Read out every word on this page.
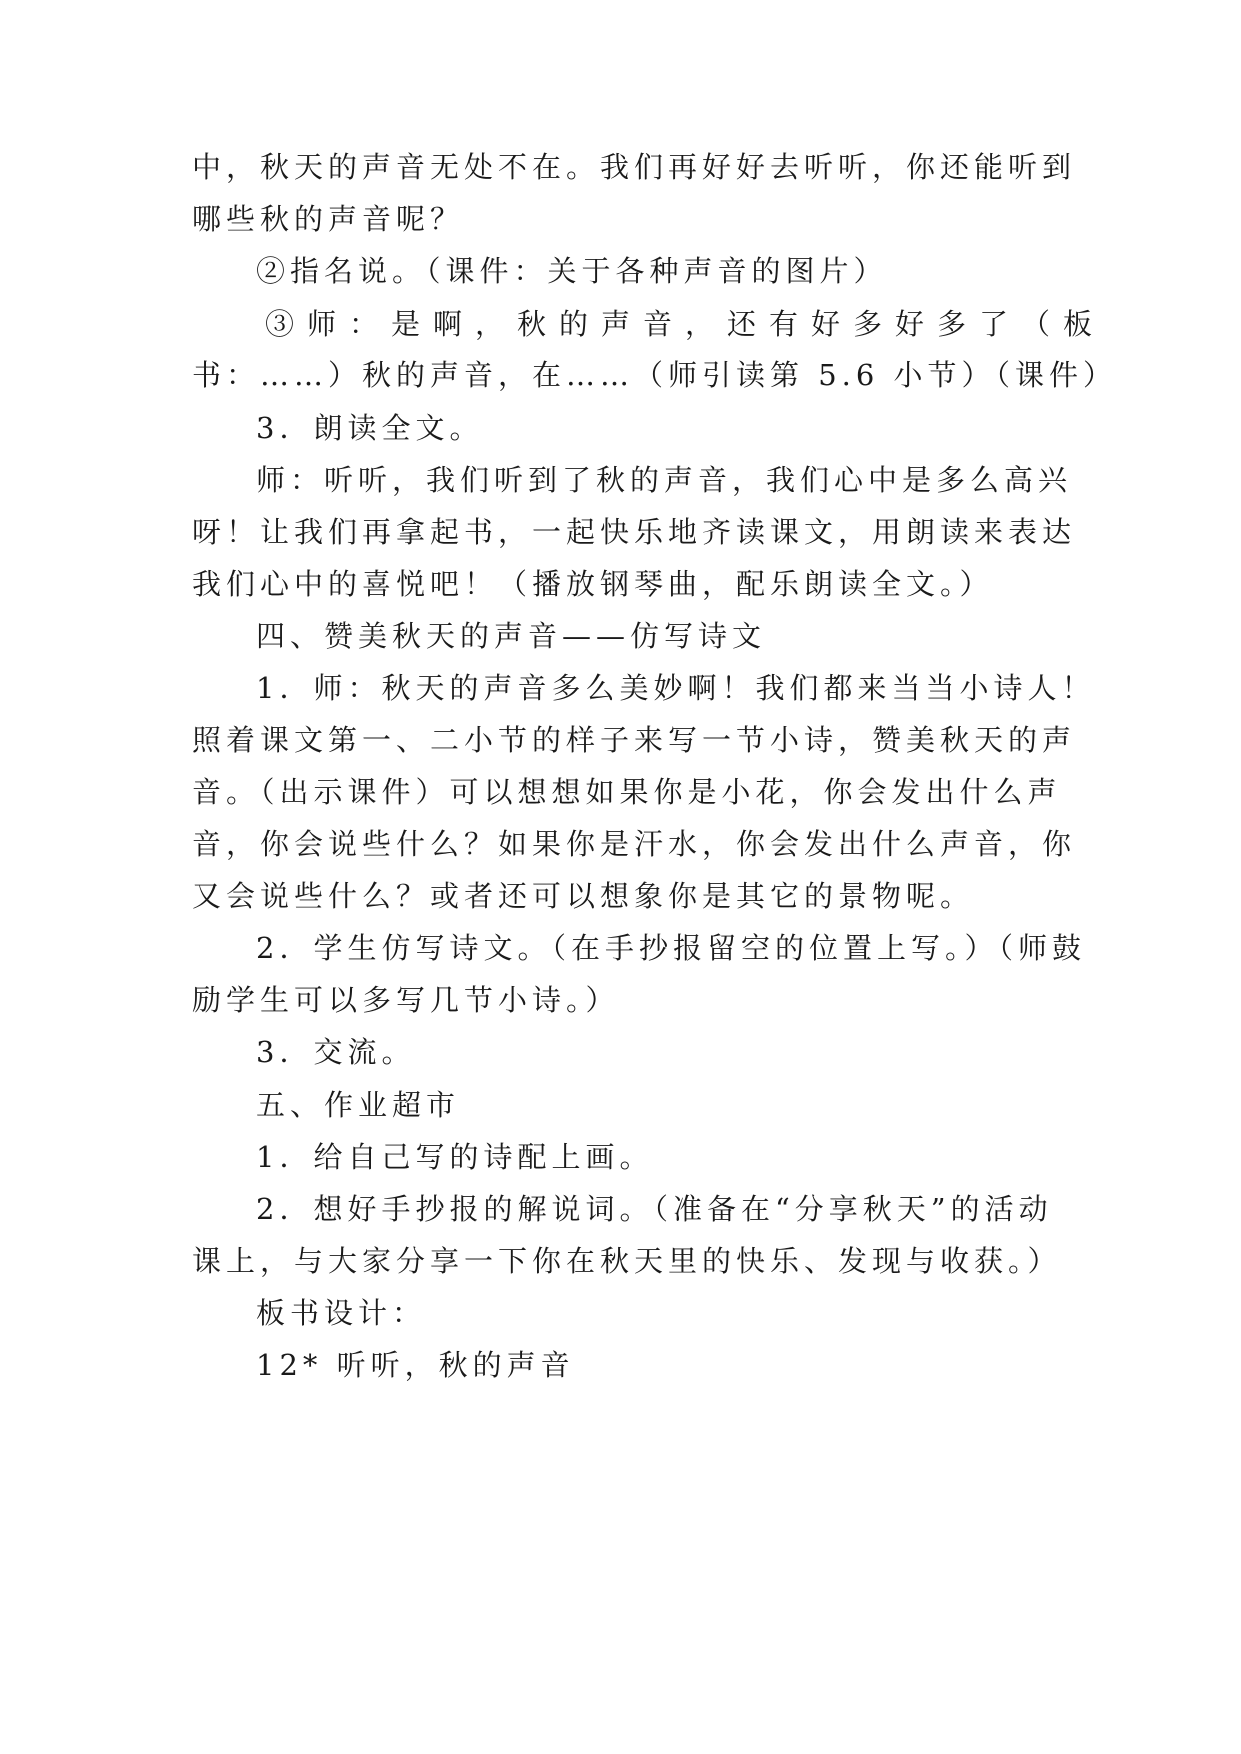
中，秋天的声音无处不在。我们再好好去听听，你还能听到
哪些秋的声音呢？
②指名说。（课件：关于各种声音的图片）
③师：是啊，秋的声音，还有好多好多了（板
书：……）秋的声音，在……（师引读第 5.6 小节）（课件）
3．朗读全文。
师：听听，我们听到了秋的声音，我们心中是多么高兴
呀！让我们再拿起书，一起快乐地齐读课文，用朗读来表达
我们心中的喜悦吧！（播放钢琴曲，配乐朗读全文。）
四、赞美秋天的声音——仿写诗文
1．师：秋天的声音多么美妙啊！我们都来当当小诗人！
照着课文第一、二小节的样子来写一节小诗，赞美秋天的声
音。（出示课件）可以想想如果你是小花，你会发出什么声
音，你会说些什么？如果你是汗水，你会发出什么声音，你
又会说些什么？或者还可以想象你是其它的景物呢。
2．学生仿写诗文。（在手抄报留空的位置上写。）（师鼓
励学生可以多写几节小诗。）
3．交流。
五、作业超市
1．给自己写的诗配上画。
2．想好手抄报的解说词。（准备在“分享秋天”的活动
课上，与大家分享一下你在秋天里的快乐、发现与收获。）
板书设计：
12* 听听，秋的声音
